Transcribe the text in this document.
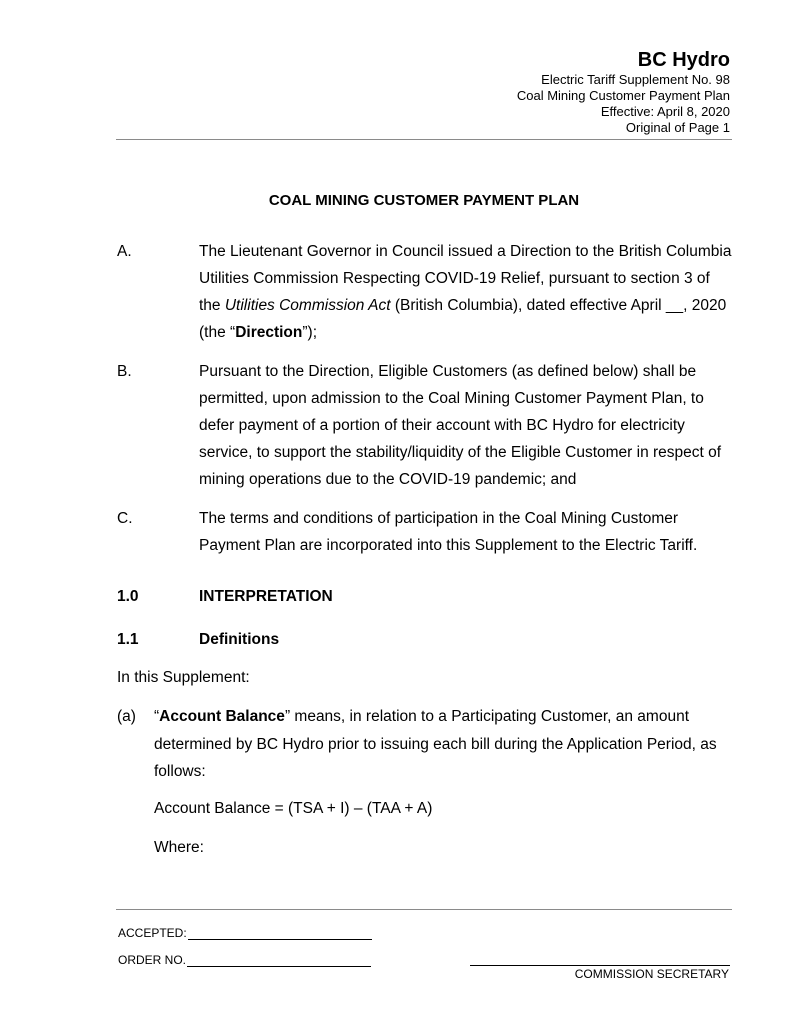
BC Hydro
Electric Tariff Supplement No. 98
Coal Mining Customer Payment Plan
Effective: April 8, 2020
Original of Page 1
COAL MINING CUSTOMER PAYMENT PLAN
A.	The Lieutenant Governor in Council issued a Direction to the British Columbia Utilities Commission Respecting COVID-19 Relief, pursuant to section 3 of the Utilities Commission Act (British Columbia), dated effective April __, 2020 (the “Direction”);
B.	Pursuant to the Direction, Eligible Customers (as defined below) shall be permitted, upon admission to the Coal Mining Customer Payment Plan, to defer payment of a portion of their account with BC Hydro for electricity service, to support the stability/liquidity of the Eligible Customer in respect of mining operations due to the COVID-19 pandemic; and
C.	The terms and conditions of participation in the Coal Mining Customer Payment Plan are incorporated into this Supplement to the Electric Tariff.
1.0	INTERPRETATION
1.1	Definitions
In this Supplement:
(a) “Account Balance” means, in relation to a Participating Customer, an amount determined by BC Hydro prior to issuing each bill during the Application Period, as follows:
Account Balance = (TSA + I) – (TAA + A)
Where:
ACCEPTED:
ORDER NO.
COMMISSION SECRETARY
